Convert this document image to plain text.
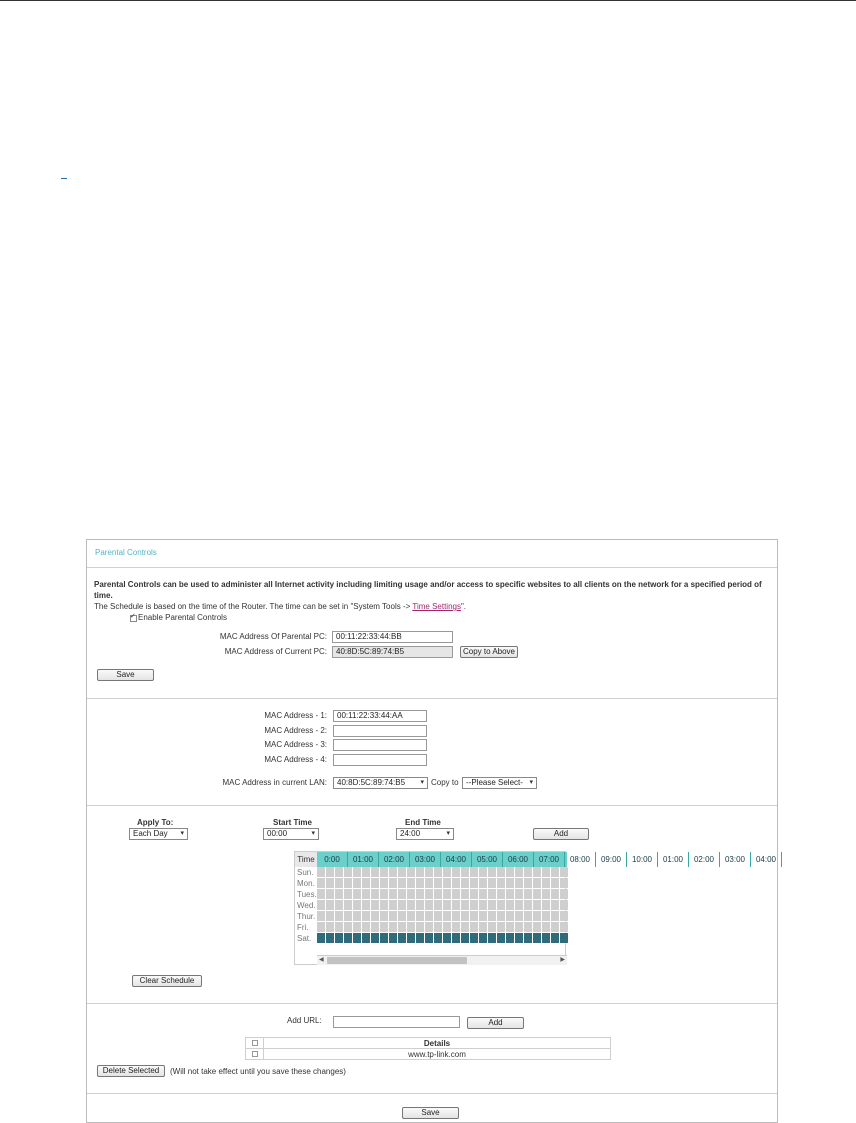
Parental Controls
Parental Controls can be used to administer all Internet activity including limiting usage and/or access to specific websites to all clients on the network for a specified period of time.
The Schedule is based on the time of the Router. The time can be set in "System Tools -> Time Settings".
✓
Enable Parental Controls
MAC Address Of Parental PC:	00:11:22:33:44:BB
MAC Address of Current PC:	40:8D:5C:89:74:B5	Copy to Above
Save
MAC Address - 1:	00:11:22:33:44:AA
MAC Address - 2:
MAC Address - 3:
MAC Address - 4:
MAC Address in current LAN:	40:8D:5C:89:74:B5 ▾	Copy to --Please Select- ▾
Apply To:
Each Day ▾
Start Time
00:00 ▾
End Time
24:00 ▾	Add
Time	0:00 01:00 02:00 03:00 04:00 05:00 06:00 07:00 08:00 09:00 10:00 01:00 02:00 03:00 04:00
Sun.
Mon.
Tues.
Wed.
Thur.
Fri.
Sat.
◀	▶
Clear Schedule
Add URL:	Add
	Details
	www.tp-link.com
Delete Selected	(Will not take effect until you save these changes)
Save
